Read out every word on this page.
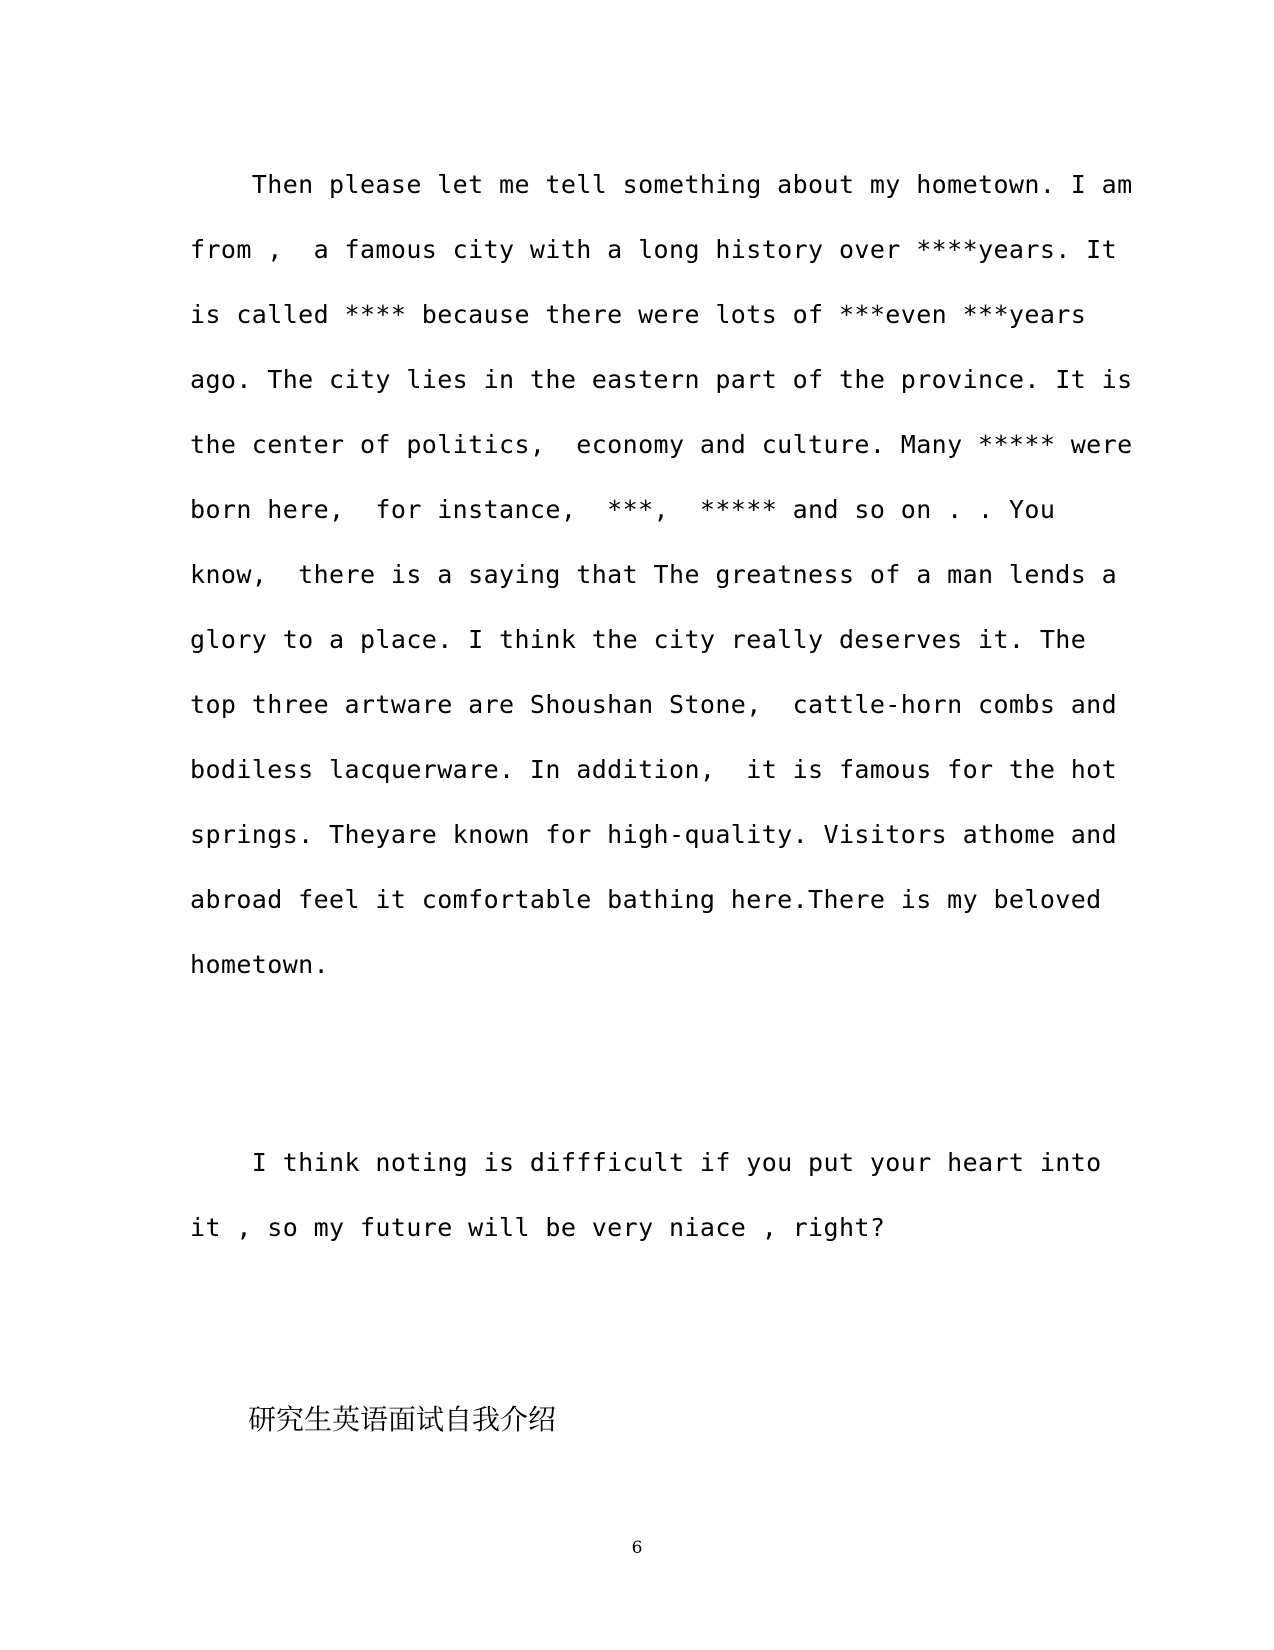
Then please let me tell something about my hometown. I am
from ,  a famous city with a long history over ****years. It
is called **** because there were lots of ***even ***years
ago. The city lies in the eastern part of the province. It is
the center of politics,  economy and culture. Many ***** were
born here,  for instance,  ***,  ***** and so on . . You
know,  there is a saying that The greatness of a man lends a
glory to a place. I think the city really deserves it. The
top three artware are Shoushan Stone,  cattle-horn combs and
bodiless lacquerware. In addition,  it is famous for the hot
springs. Theyare known for high-quality. Visitors athome and
abroad feel it comfortable bathing here.There is my beloved
hometown.

I think noting is diffficult if you put your heart into
it , so my future will be very niace , right?

研究生英语面试自我介绍
6
